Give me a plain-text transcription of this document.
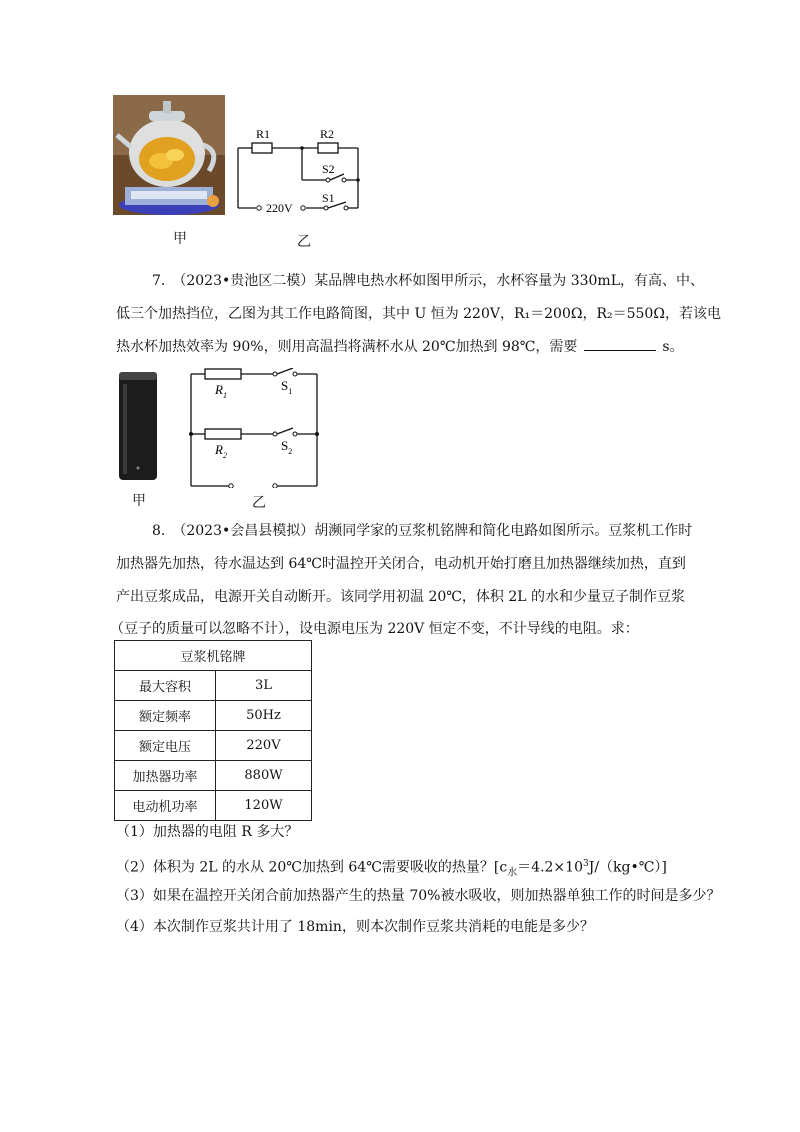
甲
R1	R2
S2
S1
220V
乙
7.　（2023•贵池区二模）某品牌电热水杯如图甲所示，水杯容量为 330mL，有高、中、
低三个加热挡位，乙图为其工作电路简图，其中 U 恒为 220V，R₁＝200Ω，R₂＝550Ω，若该电
热水杯加热效率为 90%，则用高温挡将满杯水从 20℃加热到 98℃，需要	s。
甲
$R_1$
$S_1$
$R_2$
$S_2$
乙
8.　（2023•会昌县模拟）胡濒同学家的豆浆机铭牌和简化电路如图所示。豆浆机工作时
加热器先加热，待水温达到 64℃时温控开关闭合，电动机开始打磨且加热器继续加热，直到
产出豆浆成品，电源开关自动断开。该同学用初温 20℃，体积 2L 的水和少量豆子制作豆浆
（豆子的质量可以忽略不计），设电源电压为 220V 恒定不变，不计导线的电阻。求：
豆浆机铭牌	
最大容积	3L
额定频率	50Hz
额定电压	220V
加热器功率	880W
电动机功率	120W
（1）加热器的电阻 R 多大？
（2）体积为 2L 的水从 20℃加热到 64℃需要吸收的热量？$[c_水=4.2\times 10^3J/(kg•℃)]$
（3）如果在温控开关闭合前加热器产生的热量 70%被水吸收，则加热器单独工作的时间是多少？
（4）本次制作豆浆共计用了 18min，则本次制作豆浆共消耗的电能是多少？
